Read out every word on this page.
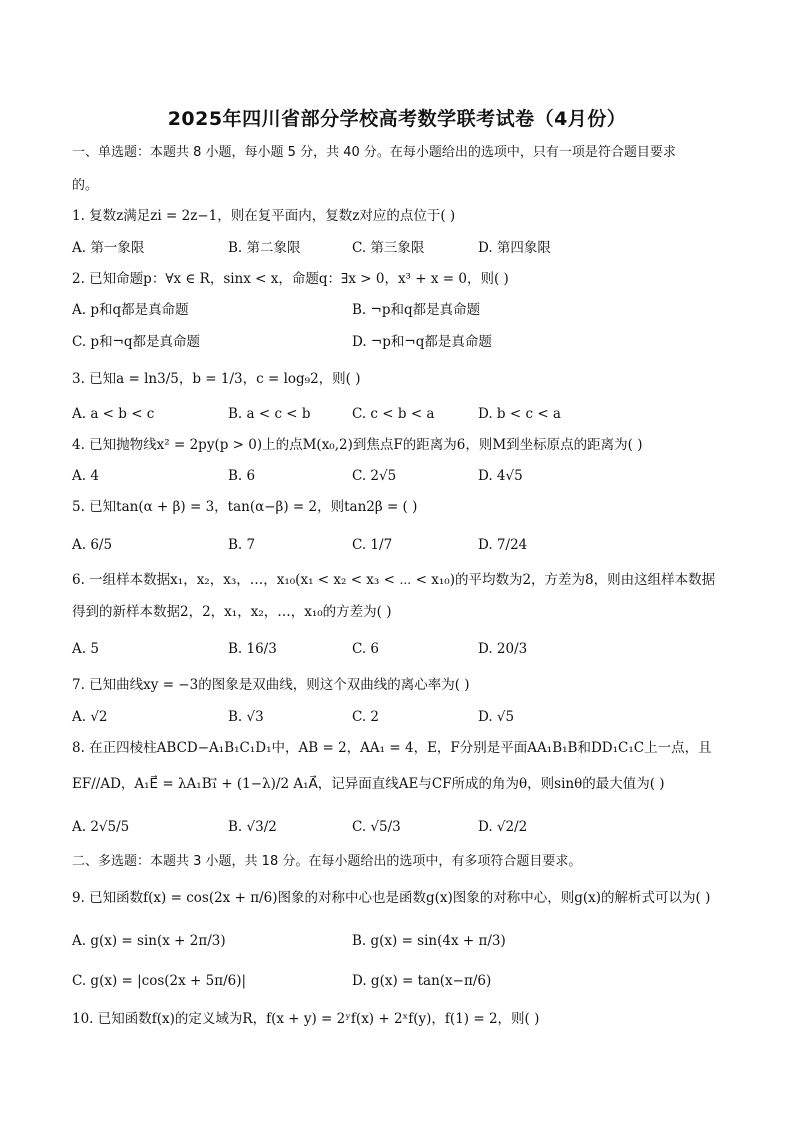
2025年四川省部分学校高考数学联考试卷（4月份）
一、单选题：本题共 8 小题，每小题 5 分，共 40 分。在每小题给出的选项中，只有一项是符合题目要求
的。
1. 复数z满足zi = 2z−1，则在复平面内，复数z对应的点位于( )
A. 第一象限	B. 第二象限	C. 第三象限	D. 第四象限
2. 已知命题p：∀x ∈ R，sinx < x，命题q：∃x > 0，x³ + x = 0，则( )
A. p和q都是真命题	B. ¬p和q都是真命题
C. p和¬q都是真命题	D. ¬p和¬q都是真命题
3. 已知a = ln3/5，b = 1/3，c = log₉2，则( )
A. a < b < c	B. a < c < b	C. c < b < a	D. b < c < a
4. 已知抛物线x² = 2py(p > 0)上的点M(x₀,2)到焦点F的距离为6，则M到坐标原点的距离为( )
A. 4	B. 6	C. 2√5	D. 4√5
5. 已知tan(α + β) = 3，tan(α−β) = 2，则tan2β = ( )
A. 6/5	B. 7	C. 1/7	D. 7/24
6. 一组样本数据x₁，x₂，x₃，…，x₁₀(x₁ < x₂ < x₃ < ⋯ < x₁₀)的平均数为2，方差为8，则由这组样本数据
得到的新样本数据2，2，x₁，x₂，…，x₁₀的方差为( )
A. 5	B. 16/3	C. 6	D. 20/3
7. 已知曲线xy = −3的图象是双曲线，则这个双曲线的离心率为( )
A. √2	B. √3	C. 2	D. √5
8. 在正四棱柱ABCD−A₁B₁C₁D₁中，AB = 2，AA₁ = 4，E，F分别是平面AA₁B₁B和DD₁C₁C上一点，且
EF//AD，A₁E⃗ = λA₁B₁⃗ + (1−λ)/2 A₁A⃗，记异面直线AE与CF所成的角为θ，则sinθ的最大值为( )
A. 2√5/5	B. √3/2	C. √5/3	D. √2/2
二、多选题：本题共 3 小题，共 18 分。在每小题给出的选项中，有多项符合题目要求。
9. 已知函数f(x) = cos(2x + π/6)图象的对称中心也是函数g(x)图象的对称中心，则g(x)的解析式可以为( )
A. g(x) = sin(x + 2π/3)	B. g(x) = sin(4x + π/3)
C. g(x) = |cos(2x + 5π/6)|	D. g(x) = tan(x−π/6)
10. 已知函数f(x)的定义域为R，f(x + y) = 2ʸf(x) + 2ˣf(y)，f(1) = 2，则( )
